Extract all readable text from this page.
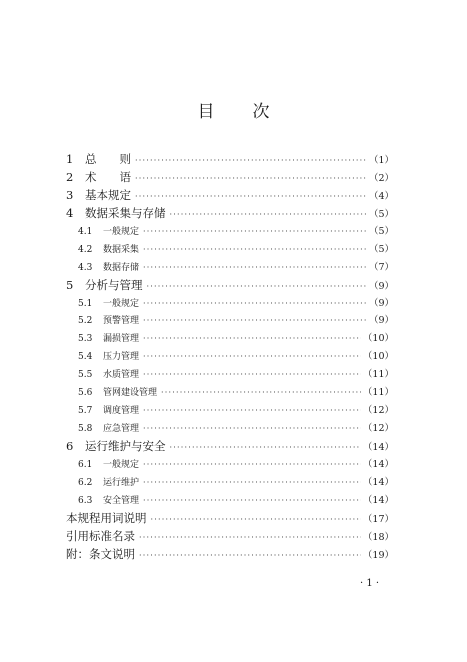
目 次
1	总　　则 ·····	（1）
2	术　　语 ·····	（2）
3	基本规定 ·····	（4）
4	数据采集与存储 ·····	（5）
4.1	一般规定 ·····	（5）
4.2	数据采集 ·····	（5）
4.3	数据存储 ·····	（7）
5	分析与管理 ·····	（9）
5.1	一般规定 ·····	（9）
5.2	预警管理 ·····	（9）
5.3	漏损管理 ·····	（10）
5.4	压力管理 ·····	（10）
5.5	水质管理 ·····	（11）
5.6	管网建设管理 ·····	（11）
5.7	调度管理 ·····	（12）
5.8	应急管理 ·····	（12）
6	运行维护与安全 ·····	（14）
6.1	一般规定 ·····	（14）
6.2	运行维护 ·····	（14）
6.3	安全管理 ·····	（14）
本规程用词说明 ·····	（17）
引用标准名录 ·····	（18）
附：条文说明 ·····	（19）
· 1 ·
